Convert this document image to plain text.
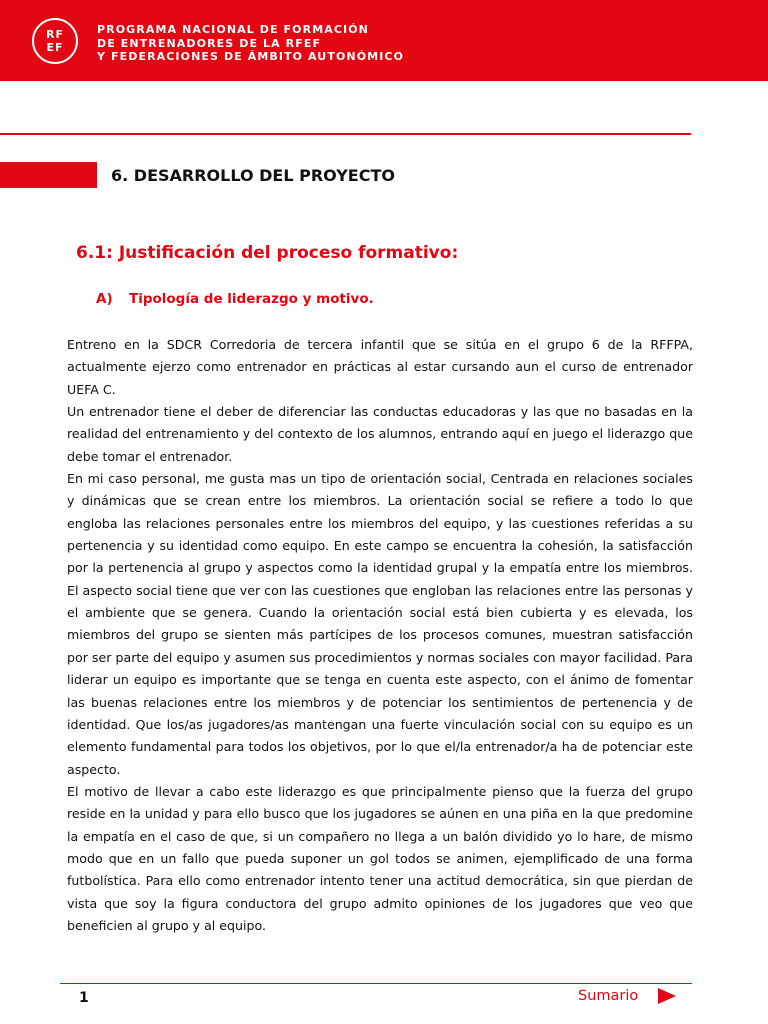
RF
EF
PROGRAMA NACIONAL DE FORMACIÓN
DE ENTRENADORES DE LA RFEF
Y FEDERACIONES DE ÁMBITO AUTONÓMICO
6. DESARROLLO DEL PROYECTO
6.1: Justificación del proceso formativo:
A) Tipología de liderazgo y motivo.

Entreno en la SDCR Corredoria de tercera infantil que se sitúa en el grupo 6 de la RFFPA, actualmente ejerzo como entrenador en prácticas al estar cursando aun el curso de entrenador UEFA C.

Un entrenador tiene el deber de diferenciar las conductas educadoras y las que no basadas en la realidad del entrenamiento y del contexto de los alumnos, entrando aquí en juego el liderazgo que debe tomar el entrenador.

En mi caso personal, me gusta mas un tipo de orientación social, Centrada en relaciones sociales y dinámicas que se crean entre los miembros. La orientación social se refiere a todo lo que engloba las relaciones personales entre los miembros del equipo, y las cuestiones referidas a su pertenencia y su identidad como equipo. En este campo se encuentra la cohesión, la satisfacción por la pertenencia al grupo y aspectos como la identidad grupal y la empatía entre los miembros. El aspecto social tiene que ver con las cuestiones que engloban las relaciones entre las personas y el ambiente que se genera. Cuando la orientación social está bien cubierta y es elevada, los miembros del grupo se sienten más partícipes de los procesos comunes, muestran satisfacción por ser parte del equipo y asumen sus procedimientos y normas sociales con mayor facilidad. Para liderar un equipo es importante que se tenga en cuenta este aspecto, con el ánimo de fomentar las buenas relaciones entre los miembros y de potenciar los sentimientos de pertenencia y de identidad. Que los/as jugadores/as mantengan una fuerte vinculación social con su equipo es un elemento fundamental para todos los objetivos, por lo que el/la entrenador/a ha de potenciar este aspecto.

El motivo de llevar a cabo este liderazgo es que principalmente pienso que la fuerza del grupo reside en la unidad y para ello busco que los jugadores se aúnen en una piña en la que predomine la empatía en el caso de que, si un compañero no llega a un balón dividido yo lo hare, de mismo modo que en un fallo que pueda suponer un gol todos se animen, ejemplificado de una forma futbolística. Para ello como entrenador intento tener una actitud democrática, sin que pierdan de vista que soy la figura conductora del grupo admito opiniones de los jugadores que veo que beneficien al grupo y al equipo.

1	Sumario
